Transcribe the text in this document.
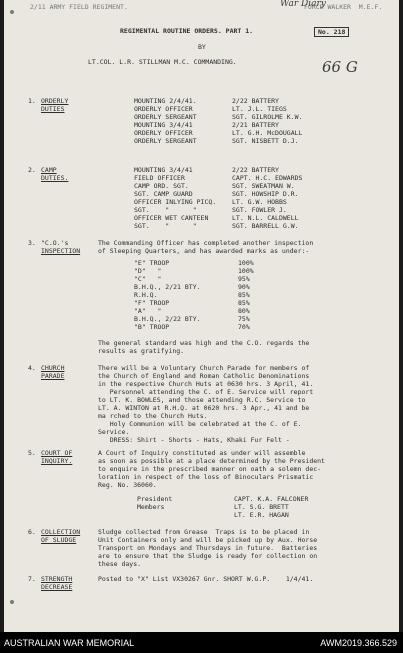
2/11 ARMY FIELD REGIMENT.	FORCE WALKER  M.E.F.
War Diary
REGIMENTAL ROUTINE ORDERS. PART 1.	No. 218
BY
LT.COL. L.R. STILLMAN M.C. COMMANDING.	66 G
1. ORDERLY
DUTIES
MOUNTING 2/4/41.	2/22 BATTERY
ORDERLY OFFICER	LT. J.L. TIEGS
ORDERLY SERGEANT	SGT. GILROLME K.W.
MOUNTING 3/4/41	2/21 BATTERY
ORDERLY OFFICER	LT. G.H. McDOUGALL
ORDERLY SERGEANT	SGT. NISBETT D.J.
2. CAMP
DUTIES.
MOUNTING 3/4/41	2/22 BATTERY
FIELD OFFICER	CAPT. H.C. EDWARDS
CAMP ORD. SGT.	SGT. SWEATMAN W.
SGT. CAMP GUARD	SGT. HOWSHIP D.R.
OFFICER INLYING PICQ. LT. G.W. HOBBS
SGT.    "      "	SGT. FOWLER J.
OFFICER WET CANTEEN	LT. N.L. CALDWELL
SGT.    "      "	SGT. BARRELL G.W.
3. "C.O.'s
INSPECTION
The Commanding Officer has completed another inspection
of Sleeping Quarters, and has awarded marks as under:-
"E" TROOP	100%
"D"   "	100%
"C"   "	95%
B.H.Q., 2/21 BTY.	90%
R.H.Q.	85%
"F" TROOP	85%
"A"   "	80%
B.H.Q., 2/22 BTY.	75%
"B" TROOP	70%
The general standard was high and the C.O. regards the
results as gratifying.
4. CHURCH
PARADE
There will be a Voluntary Church Parade for members of
the Church of England and Roman Catholic Denominations
in the respective Church Huts at 0630 hrs. 3 April, 41.
Personnel attending the C. of E. Service will report
to LT. K. BOWLES, and those attending R.C. Service to
LT. A. WINTON at R.H.Q. at 0620 hrs. 3 Apr., 41 and be
ma rched to the Church Huts.
Holy Communion will be celebrated at the C. of E.
Service.
DRESS: Shirt - Shorts - Hats, Khaki Fur Felt -
5. COURT OF
INQUIRY.
A Court of Inquiry constituted as under will assemble
as soon as possible at a place determined by the President
to enquire in the prescribed manner on oath a solemn dec-
loration in respect of the loss of Binoculars Prismatic
Reg. No. 36060.
President	CAPT. K.A. FALCONER
Members	LT. S.G. BRETT
LT. E.R. HAGAN
6. COLLECTION
OF SLUDGE
Sludge collected from Grease  Traps is to be placed in
Unit Containers only and will be picked up by Aux. Horse
Transport on Mondays and Thursdays in future.  Batteries
are to ensure that the Sludge is ready for collection on
these days.
7. STRENGTH
DECREASE
Posted to "X" List VX30267 Gnr. SHORT W.G.P.    1/4/41.
AUSTRALIAN WAR MEMORIAL	AWM2019.366.529
